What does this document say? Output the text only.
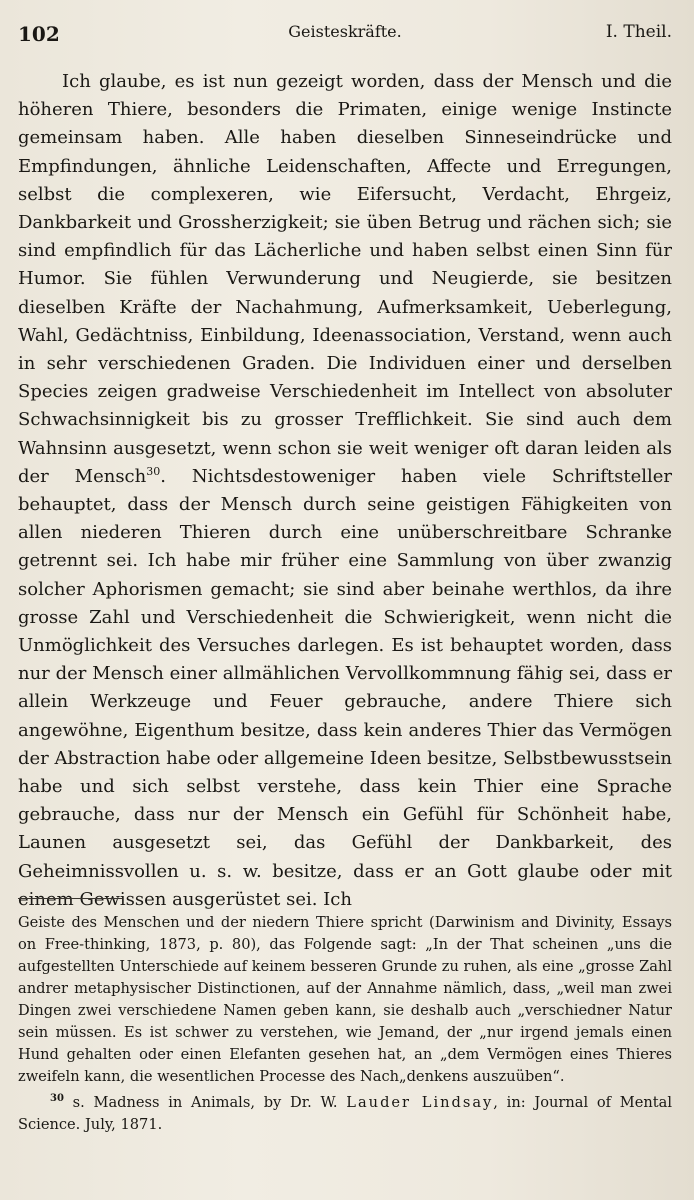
102	Geisteskräfte.	I. Theil.

Ich glaube, es ist nun gezeigt worden, dass der Mensch und die höheren Thiere, besonders die Primaten, einige wenige Instincte gemeinsam haben. Alle haben dieselben Sinneseindrücke und Empfindungen, ähnliche Leidenschaften, Affecte und Erregungen, selbst die complexeren, wie Eifersucht, Verdacht, Ehrgeiz, Dankbarkeit und Grossherzigkeit; sie üben Betrug und rächen sich; sie sind empfindlich für das Lächerliche und haben selbst einen Sinn für Humor. Sie fühlen Verwunderung und Neugierde, sie besitzen dieselben Kräfte der Nachahmung, Aufmerksamkeit, Ueberlegung, Wahl, Gedächtniss, Einbildung, Ideenassociation, Verstand, wenn auch in sehr verschiedenen Graden. Die Individuen einer und derselben Species zeigen gradweise Verschiedenheit im Intellect von absoluter Schwachsinnigkeit bis zu grosser Trefflichkeit. Sie sind auch dem Wahnsinn ausgesetzt, wenn schon sie weit weniger oft daran leiden als der Mensch$^{30}$. Nichtsdestoweniger haben viele Schriftsteller behauptet, dass der Mensch durch seine geistigen Fähigkeiten von allen niederen Thieren durch eine unüberschreitbare Schranke getrennt sei. Ich habe mir früher eine Sammlung von über zwanzig solcher Aphorismen gemacht; sie sind aber beinahe werthlos, da ihre grosse Zahl und Verschiedenheit die Schwierigkeit, wenn nicht die Unmöglichkeit des Versuches darlegen. Es ist behauptet worden, dass nur der Mensch einer allmählichen Vervollkommnung fähig sei, dass er allein Werkzeuge und Feuer gebrauche, andere Thiere sich angewöhne, Eigenthum besitze, dass kein anderes Thier das Vermögen der Abstraction habe oder allgemeine Ideen besitze, Selbstbewusstsein habe und sich selbst verstehe, dass kein Thier eine Sprache gebrauche, dass nur der Mensch ein Gefühl für Schönheit habe, Launen ausgesetzt sei, das Gefühl der Dankbarkeit, des Geheimnissvollen u. s. w. besitze, dass er an Gott glaube oder mit einem Gewissen ausgerüstet sei. Ich

Geiste des Menschen und der niedern Thiere spricht (Darwinism and Divinity, Essays on Free-thinking, 1873, p. 80), das Folgende sagt: „In der That scheinen „uns die aufgestellten Unterschiede auf keinem besseren Grunde zu ruhen, als eine „grosse Zahl andrer metaphysischer Distinctionen, auf der Annahme nämlich, dass, „weil man zwei Dingen zwei verschiedene Namen geben kann, sie deshalb auch „verschiedner Natur sein müssen. Es ist schwer zu verstehen, wie Jemand, der „nur irgend jemals einen Hund gehalten oder einen Elefanten gesehen hat, an „dem Vermögen eines Thieres zweifeln kann, die wesentlichen Processe des Nach„denkens auszuüben“.

$^{30}$ s. Madness in Animals, by Dr. W. Lauder Lindsay, in: Journal of Mental Science. July, 1871.
